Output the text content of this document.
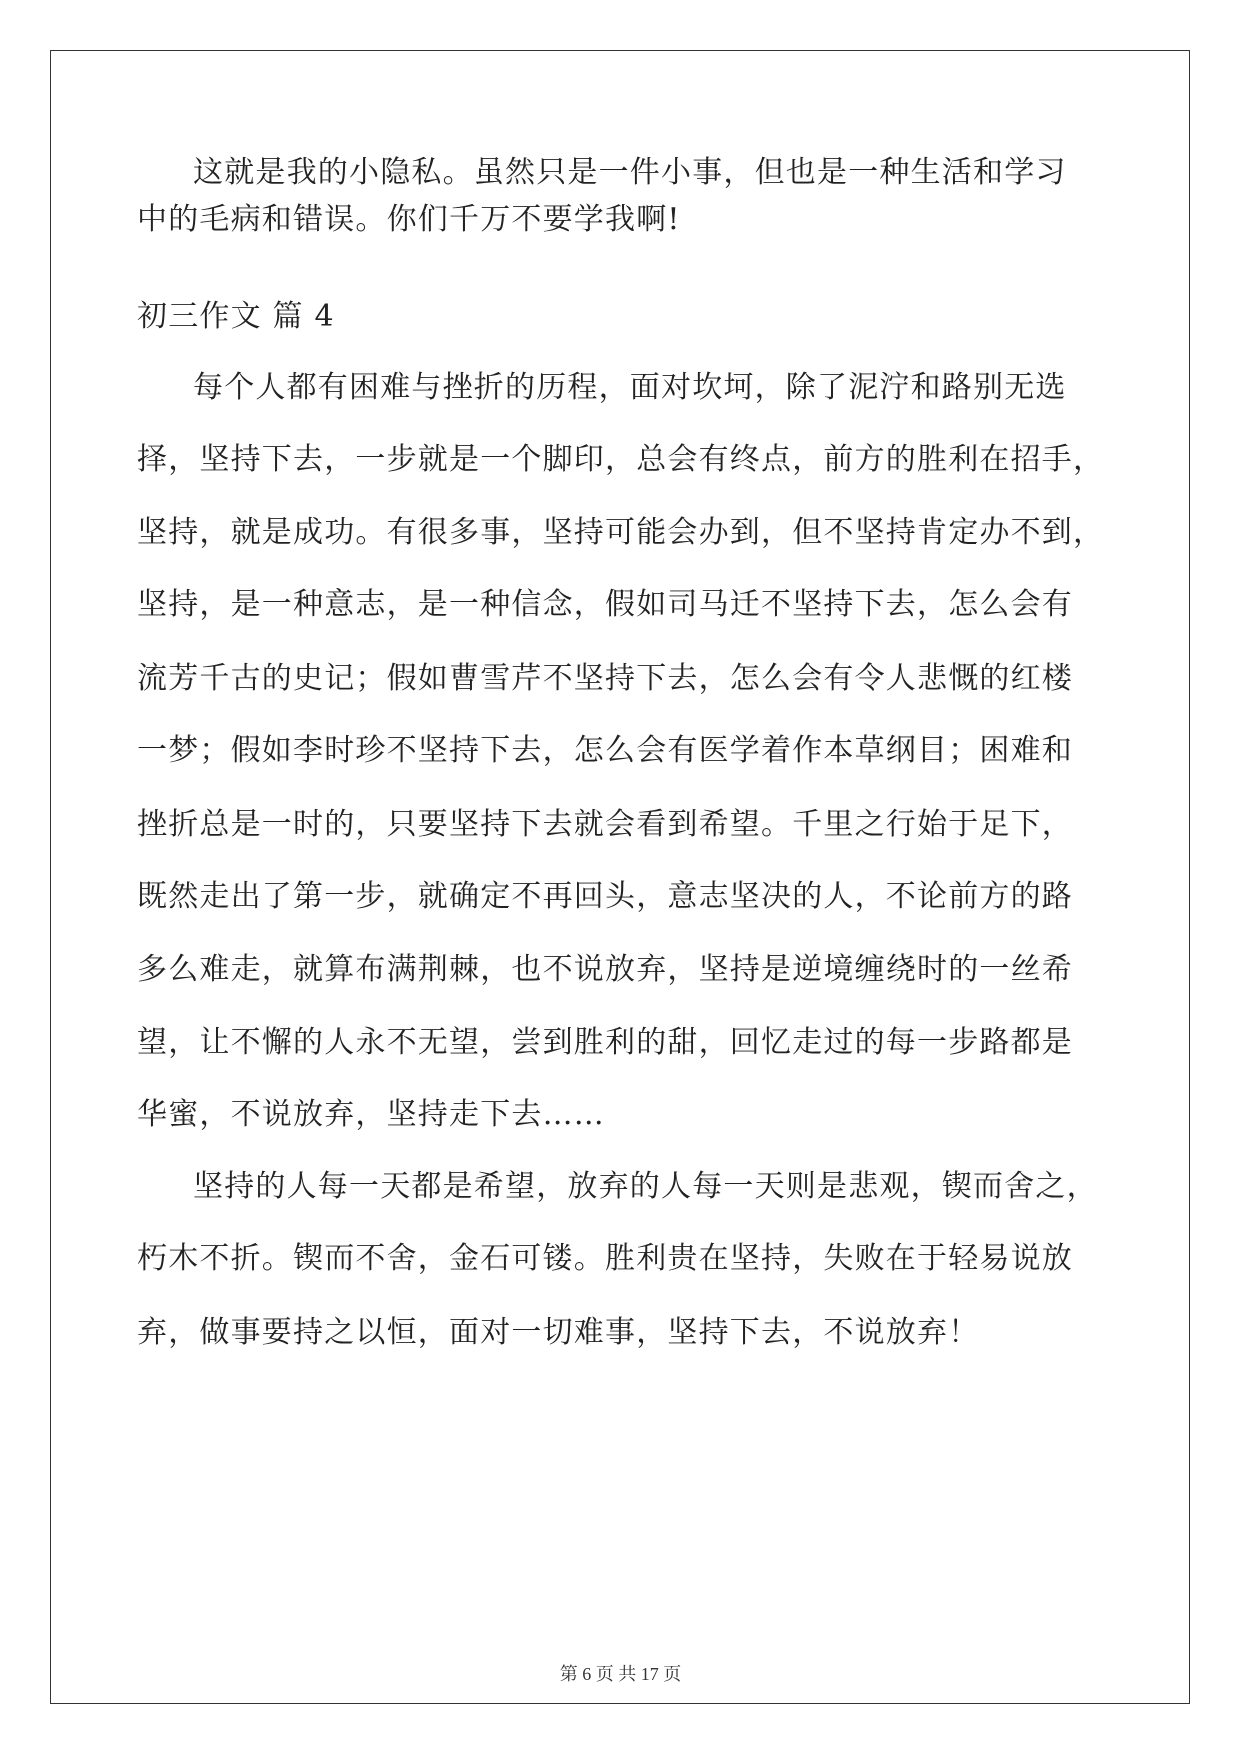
这就是我的小隐私。虽然只是一件小事，但也是一种生活和学习
中的毛病和错误。你们千万不要学我啊!
初三作文 篇 4
每个人都有困难与挫折的历程，面对坎坷，除了泥泞和路别无选
择，坚持下去，一步就是一个脚印，总会有终点，前方的胜利在招手，
坚持，就是成功。有很多事，坚持可能会办到，但不坚持肯定办不到，
坚持，是一种意志，是一种信念，假如司马迁不坚持下去，怎么会有
流芳千古的史记；假如曹雪芹不坚持下去，怎么会有令人悲慨的红楼
一梦；假如李时珍不坚持下去，怎么会有医学着作本草纲目；困难和
挫折总是一时的，只要坚持下去就会看到希望。千里之行始于足下，
既然走出了第一步，就确定不再回头，意志坚决的人，不论前方的路
多么难走，就算布满荆棘，也不说放弃，坚持是逆境缠绕时的一丝希
望，让不懈的人永不无望，尝到胜利的甜，回忆走过的每一步路都是
华蜜，不说放弃，坚持走下去……
坚持的人每一天都是希望，放弃的人每一天则是悲观，锲而舍之，
朽木不折。锲而不舍，金石可镂。胜利贵在坚持，失败在于轻易说放
弃，做事要持之以恒，面对一切难事，坚持下去，不说放弃！
第 6 页 共 17 页
